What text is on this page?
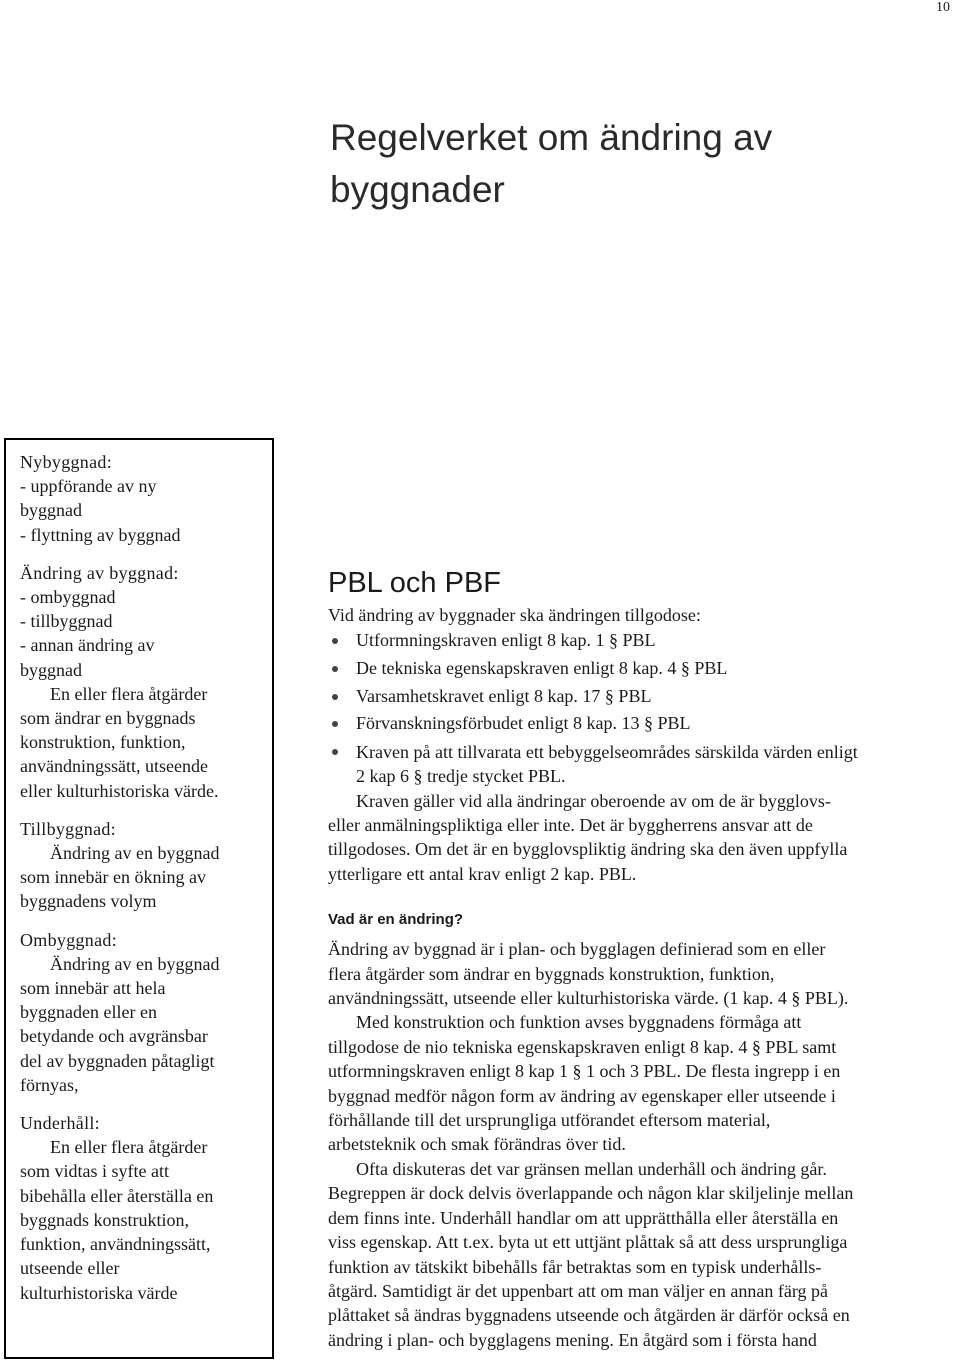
10
Regelverket om ändring av
byggnader
Nybyggnad:
- uppförande av ny
byggnad
- flyttning av byggnad
Ändring av byggnad:
- ombyggnad
- tillbyggnad
- annan ändring av
byggnad
En eller flera åtgärder
som ändrar en byggnads
konstruktion, funktion,
användningssätt, utseende
eller kulturhistoriska värde.
Tillbyggnad:
Ändring av en byggnad
som innebär en ökning av
byggnadens volym
Ombyggnad:
Ändring av en byggnad
som innebär att hela
byggnaden eller en
betydande och avgränsbar
del av byggnaden påtagligt
förnyas,
Underhåll:
En eller flera åtgärder
som vidtas i syfte att
bibehålla eller återställa en
byggnads konstruktion,
funktion, användningssätt,
utseende eller
kulturhistoriska värde
PBL och PBF
Vid ändring av byggnader ska ändringen tillgodose:
Utformningskraven enligt 8 kap. 1 § PBL
De tekniska egenskapskraven enligt 8 kap. 4 § PBL
Varsamhetskravet enligt 8 kap. 17 § PBL
Förvanskningsförbudet enligt 8 kap. 13 § PBL
Kraven på att tillvarata ett bebyggelseområdes särskilda värden enligt
2 kap 6 § tredje stycket PBL.
Kraven gäller vid alla ändringar oberoende av om de är bygglovs-
eller anmälningspliktiga eller inte. Det är byggherrens ansvar att de
tillgodoses. Om det är en bygglovspliktig ändring ska den även uppfylla
ytterligare ett antal krav enligt 2 kap. PBL.
Vad är en ändring?
Ändring av byggnad är i plan- och bygglagen definierad som en eller
flera åtgärder som ändrar en byggnads konstruktion, funktion,
användningssätt, utseende eller kulturhistoriska värde. (1 kap. 4 § PBL).
Med konstruktion och funktion avses byggnadens förmåga att
tillgodose de nio tekniska egenskapskraven enligt 8 kap. 4 § PBL samt
utformningskraven enligt 8 kap 1 § 1 och 3 PBL. De flesta ingrepp i en
byggnad medför någon form av ändring av egenskaper eller utseende i
förhållande till det ursprungliga utförandet eftersom material,
arbetsteknik och smak förändras över tid.
Ofta diskuteras det var gränsen mellan underhåll och ändring går.
Begreppen är dock delvis överlappande och någon klar skiljelinje mellan
dem finns inte. Underhåll handlar om att upprätthålla eller återställa en
viss egenskap. Att t.ex. byta ut ett uttjänt plåttak så att dess ursprungliga
funktion av tätskikt bibehålls får betraktas som en typisk underhålls-
åtgärd. Samtidigt är det uppenbart att om man väljer en annan färg på
plåttaket så ändras byggnadens utseende och åtgärden är därför också en
ändring i plan- och bygglagens mening. En åtgärd som i första hand
